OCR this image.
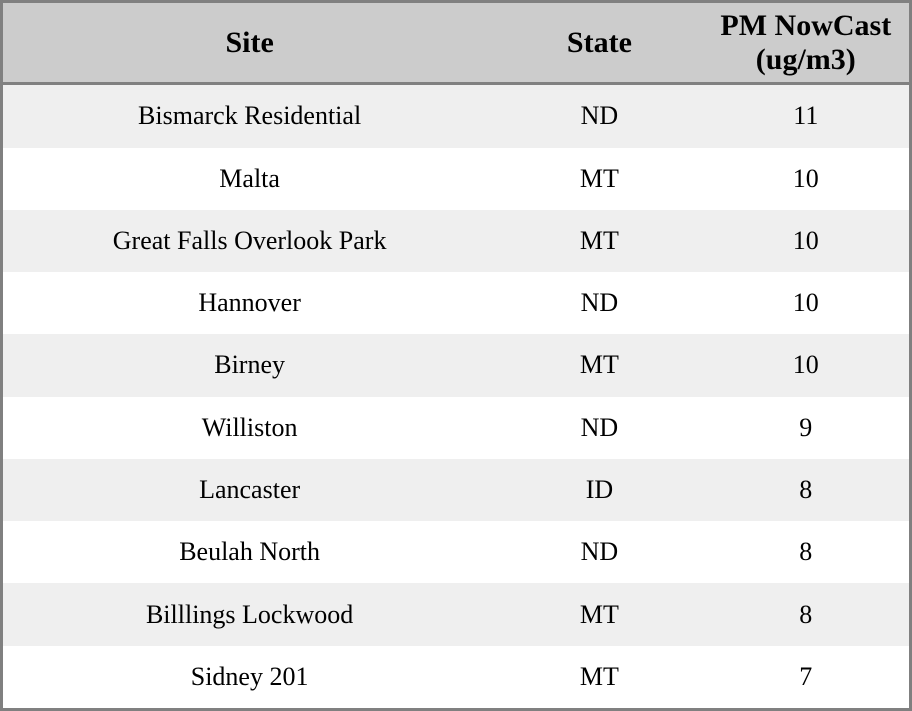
Site	State	PM NowCast (ug/m3)
Bismarck Residential	ND	11
Malta	MT	10
Great Falls Overlook Park	MT	10
Hannover	ND	10
Birney	MT	10
Williston	ND	9
Lancaster	ID	8
Beulah North	ND	8
Billlings Lockwood	MT	8
Sidney 201	MT	7
